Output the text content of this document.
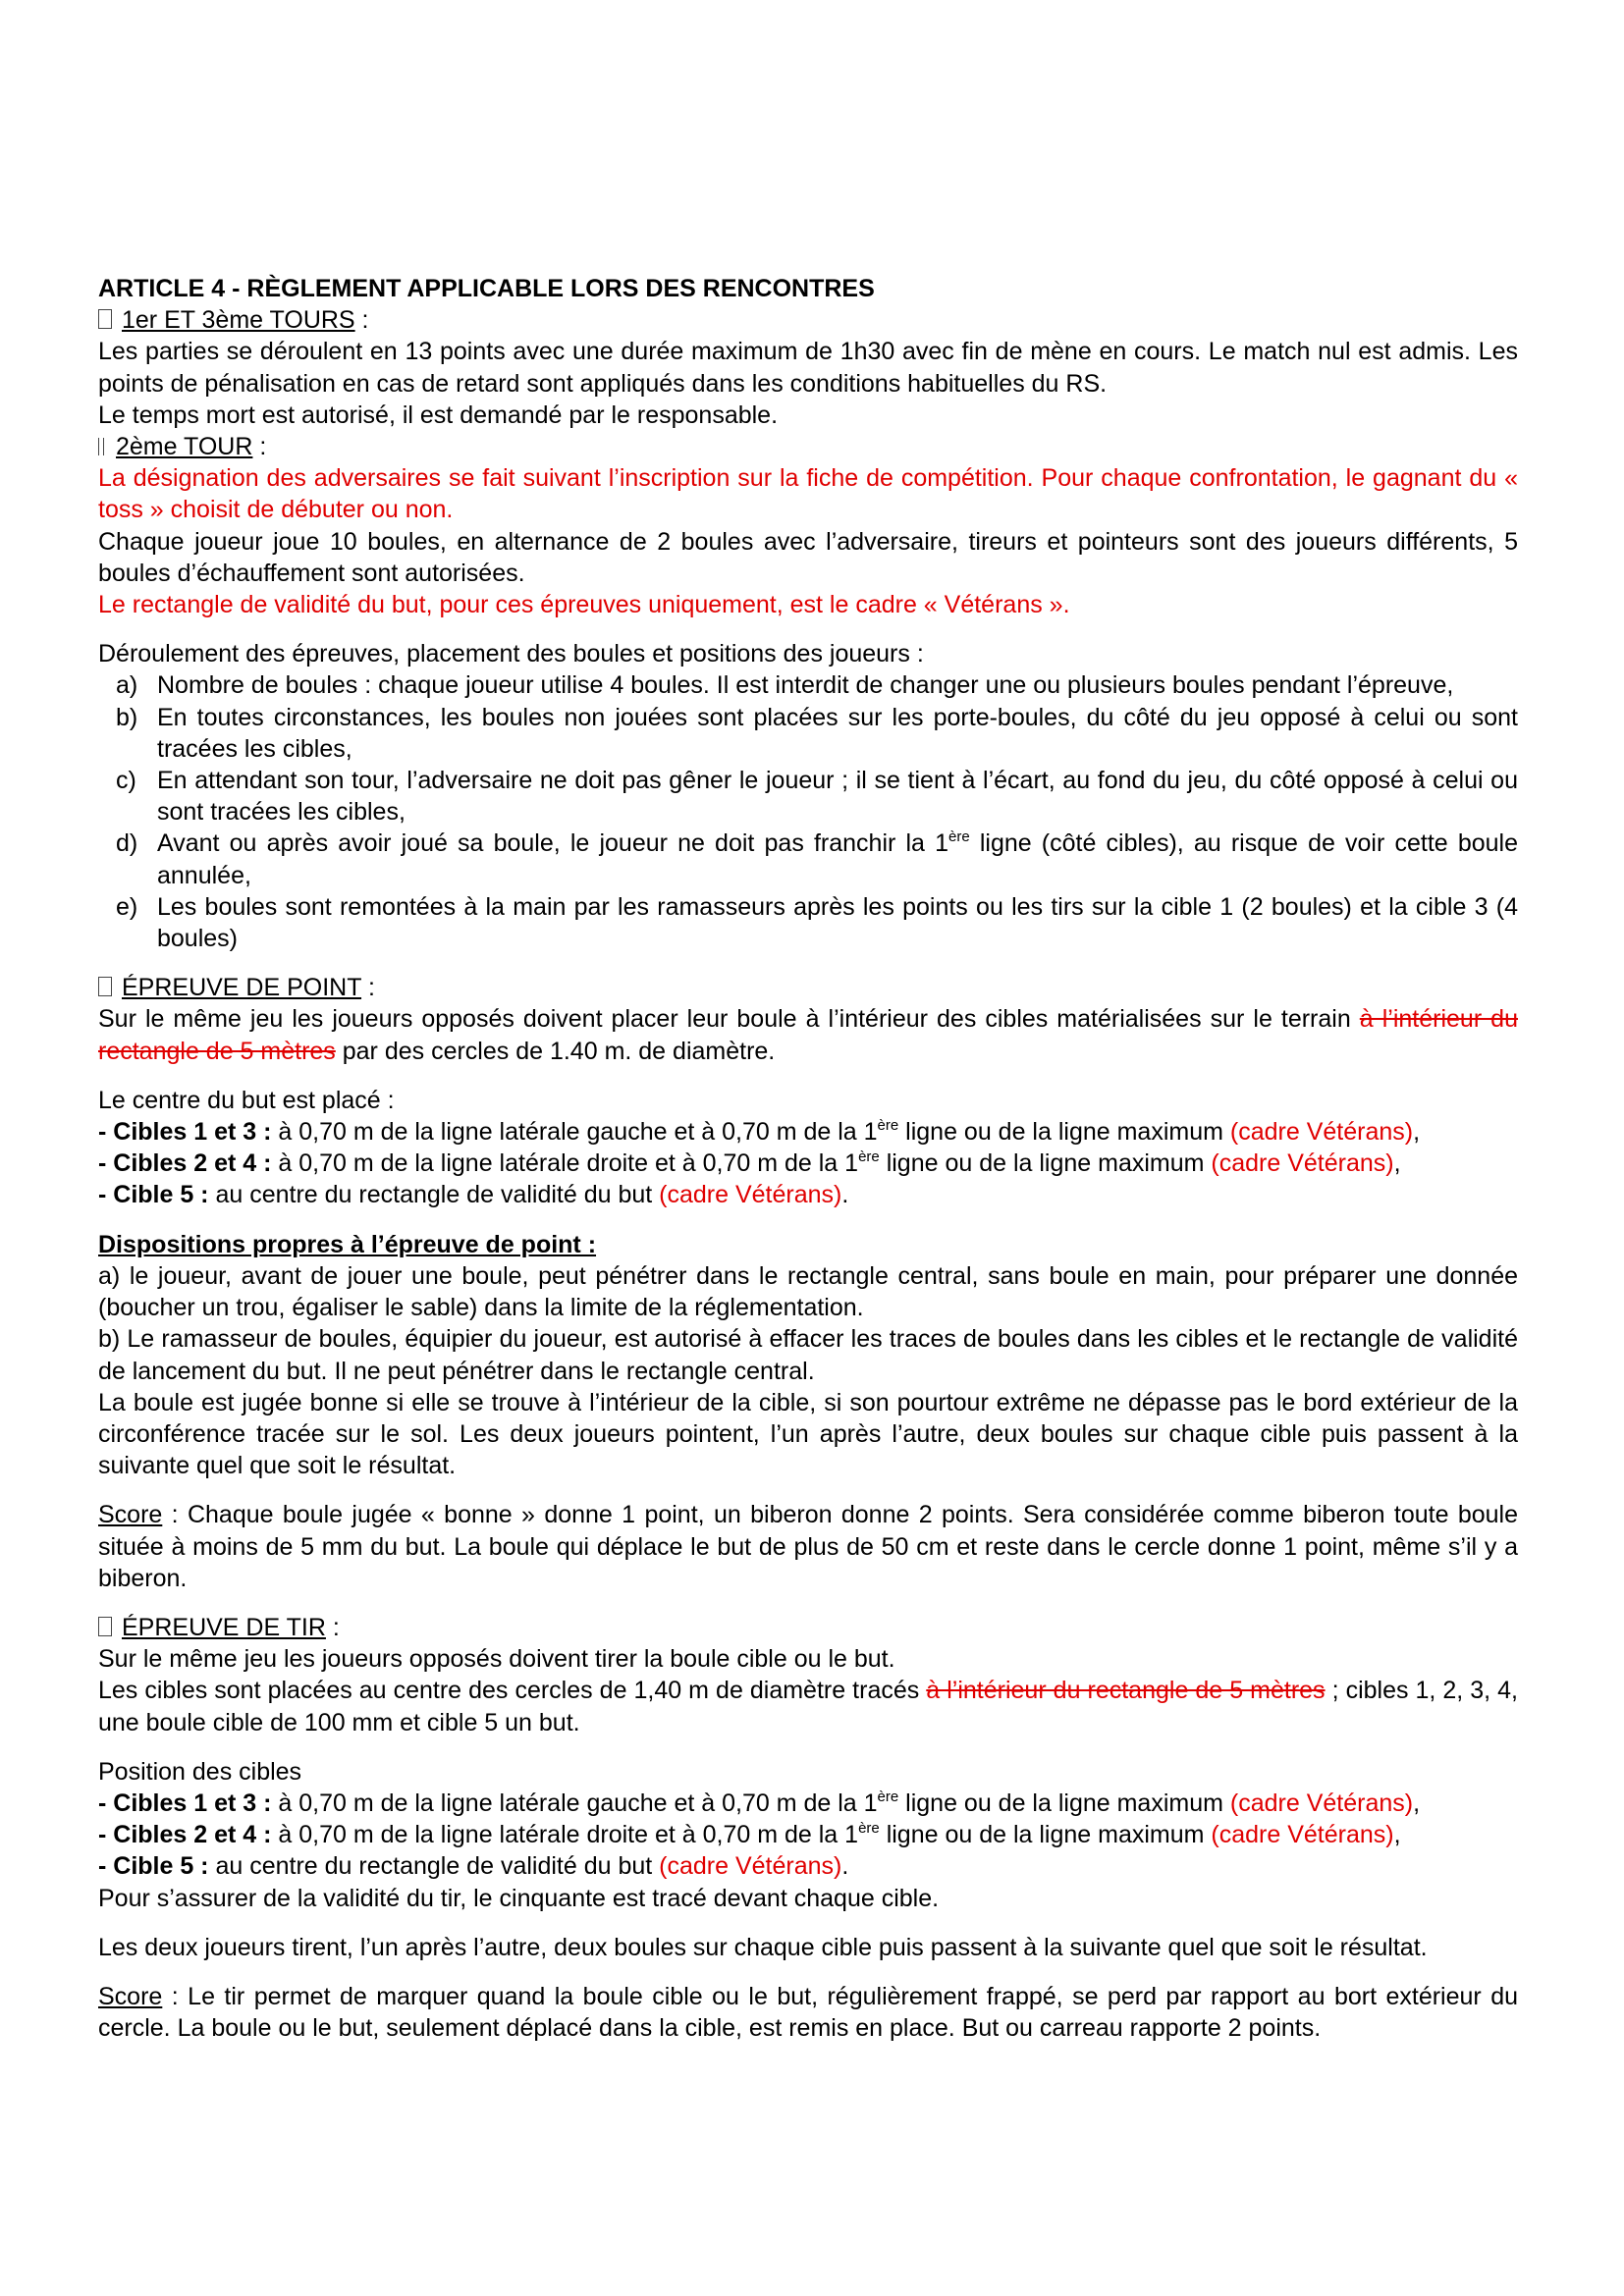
ARTICLE 4 - RÈGLEMENT APPLICABLE LORS DES RENCONTRES

1er ET 3ème TOURS :

Les parties se déroulent en 13 points avec une durée maximum de 1h30 avec fin de mène en cours. Le match nul est admis. Les points de pénalisation en cas de retard sont appliqués dans les conditions habituelles du RS.

Le temps mort est autorisé, il est demandé par le responsable.

2ème TOUR :

La désignation des adversaires se fait suivant l’inscription sur la fiche de compétition. Pour chaque confrontation, le gagnant du « toss » choisit de débuter ou non.

Chaque joueur joue 10 boules, en alternance de 2 boules avec l’adversaire, tireurs et pointeurs sont des joueurs différents, 5 boules d’échauffement sont autorisées.

Le rectangle de validité du but, pour ces épreuves uniquement, est le cadre « Vétérans ».

Déroulement des épreuves, placement des boules et positions des joueurs :

a) Nombre de boules : chaque joueur utilise 4 boules. Il est interdit de changer une ou plusieurs boules pendant l’épreuve,
b) En toutes circonstances, les boules non jouées sont placées sur les porte-boules, du côté du jeu opposé à celui ou sont tracées les cibles,
c) En attendant son tour, l’adversaire ne doit pas gêner le joueur ; il se tient à l’écart, au fond du jeu, du côté opposé à celui ou sont tracées les cibles,
d) Avant ou après avoir joué sa boule, le joueur ne doit pas franchir la 1ère ligne (côté cibles), au risque de voir cette boule annulée,
e) Les boules sont remontées à la main par les ramasseurs après les points ou les tirs sur la cible 1 (2 boules) et la cible 3 (4 boules)

ÉPREUVE DE POINT :

Sur le même jeu les joueurs opposés doivent placer leur boule à l’intérieur des cibles matérialisées sur le terrain à l’intérieur du rectangle de 5 mètres par des cercles de 1.40 m. de diamètre.

Le centre du but est placé :

- Cibles 1 et 3 : à 0,70 m de la ligne latérale gauche et à 0,70 m de la 1ère ligne ou de la ligne maximum (cadre Vétérans),

- Cibles 2 et 4 : à 0,70 m de la ligne latérale droite et à 0,70 m de la 1ère ligne ou de la ligne maximum (cadre Vétérans),

- Cible 5 : au centre du rectangle de validité du but (cadre Vétérans).

Dispositions propres à l’épreuve de point :

a) le joueur, avant de jouer une boule, peut pénétrer dans le rectangle central, sans boule en main, pour préparer une donnée (boucher un trou, égaliser le sable) dans la limite de la réglementation.

b) Le ramasseur de boules, équipier du joueur, est autorisé à effacer les traces de boules dans les cibles et le rectangle de validité de lancement du but. Il ne peut pénétrer dans le rectangle central.

La boule est jugée bonne si elle se trouve à l’intérieur de la cible, si son pourtour extrême ne dépasse pas le bord extérieur de la circonférence tracée sur le sol. Les deux joueurs pointent, l’un après l’autre, deux boules sur chaque cible puis passent à la suivante quel que soit le résultat.

Score : Chaque boule jugée « bonne » donne 1 point, un biberon donne 2 points. Sera considérée comme biberon toute boule située à moins de 5 mm du but. La boule qui déplace le but de plus de 50 cm et reste dans le cercle donne 1 point, même s’il y a biberon.

ÉPREUVE DE TIR :

Sur le même jeu les joueurs opposés doivent tirer la boule cible ou le but.

Les cibles sont placées au centre des cercles de 1,40 m de diamètre tracés à l’intérieur du rectangle de 5 mètres ; cibles 1, 2, 3, 4, une boule cible de 100 mm et cible 5 un but.

Position des cibles

- Cibles 1 et 3 : à 0,70 m de la ligne latérale gauche et à 0,70 m de la 1ère ligne ou de la ligne maximum (cadre Vétérans),

- Cibles 2 et 4 : à 0,70 m de la ligne latérale droite et à 0,70 m de la 1ère ligne ou de la ligne maximum (cadre Vétérans),

- Cible 5 : au centre du rectangle de validité du but (cadre Vétérans).

Pour s’assurer de la validité du tir, le cinquante est tracé devant chaque cible.

Les deux joueurs tirent, l’un après l’autre, deux boules sur chaque cible puis passent à la suivante quel que soit le résultat.

Score : Le tir permet de marquer quand la boule cible ou le but, régulièrement frappé, se perd par rapport au bort extérieur du cercle. La boule ou le but, seulement déplacé dans la cible, est remis en place. But ou carreau rapporte 2 points.
